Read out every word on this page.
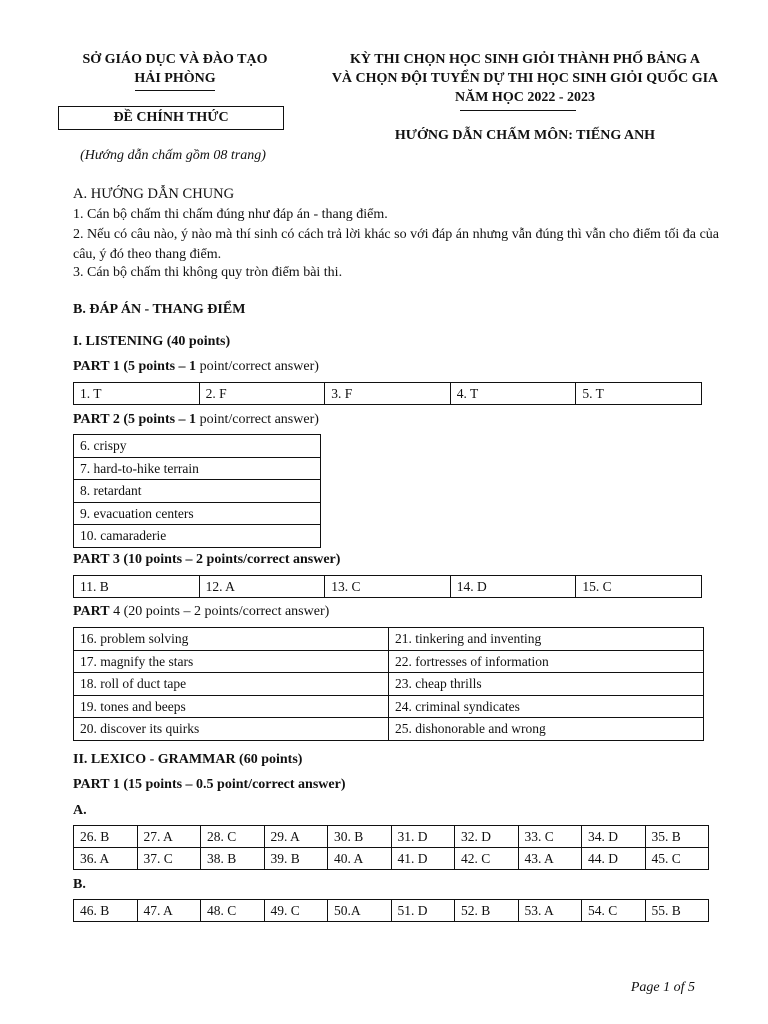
SỞ GIÁO DỤC VÀ ĐÀO TẠO
HẢI PHÒNG
ĐỀ CHÍNH THỨC
(Hướng dẫn chấm gồm 08 trang)
KỲ THI CHỌN HỌC SINH GIỎI THÀNH PHỐ BẢNG A
VÀ CHỌN ĐỘI TUYỂN DỰ THI HỌC SINH GIỎI QUỐC GIA
NĂM HỌC 2022 - 2023
HƯỚNG DẪN CHẤM MÔN: TIẾNG ANH
A. HƯỚNG DẪN CHUNG
1. Cán bộ chấm thi chấm đúng như đáp án - thang điểm.
2. Nếu có câu nào, ý nào mà thí sinh có cách trả lời khác so với đáp án nhưng vẫn đúng thì vẫn cho điểm tối đa của câu, ý đó theo thang điểm.
3. Cán bộ chấm thi không quy tròn điểm bài thi.
B. ĐÁP ÁN - THANG ĐIỂM
I. LISTENING (40 points)
PART 1 (5 points – 1 point/correct answer)
1. T	2. F	3. F	4. T	5. T
PART 2 (5 points – 1 point/correct answer)
6. crispy
7. hard-to-hike terrain
8. retardant
9. evacuation centers
10. camaraderie
PART 3 (10 points – 2 points/correct answer)
11. B	12. A	13. C	14. D	15. C
PART 4 (20 points – 2 points/correct answer)
16. problem solving	21. tinkering and inventing
17. magnify the stars	22. fortresses of information
18. roll of duct tape	23. cheap thrills
19. tones and beeps	24. criminal syndicates
20. discover its quirks	25. dishonorable and wrong
II. LEXICO - GRAMMAR (60 points)
PART 1 (15 points – 0.5 point/correct answer)
A.
26. B	27. A	28. C	29. A	30. B	31. D	32. D	33. C	34. D	35. B
36. A	37. C	38. B	39. B	40. A	41. D	42. C	43. A	44. D	45. C
B.
46. B	47. A	48. C	49. C	50.A	51. D	52. B	53. A	54. C	55. B
Page 1 of 5
